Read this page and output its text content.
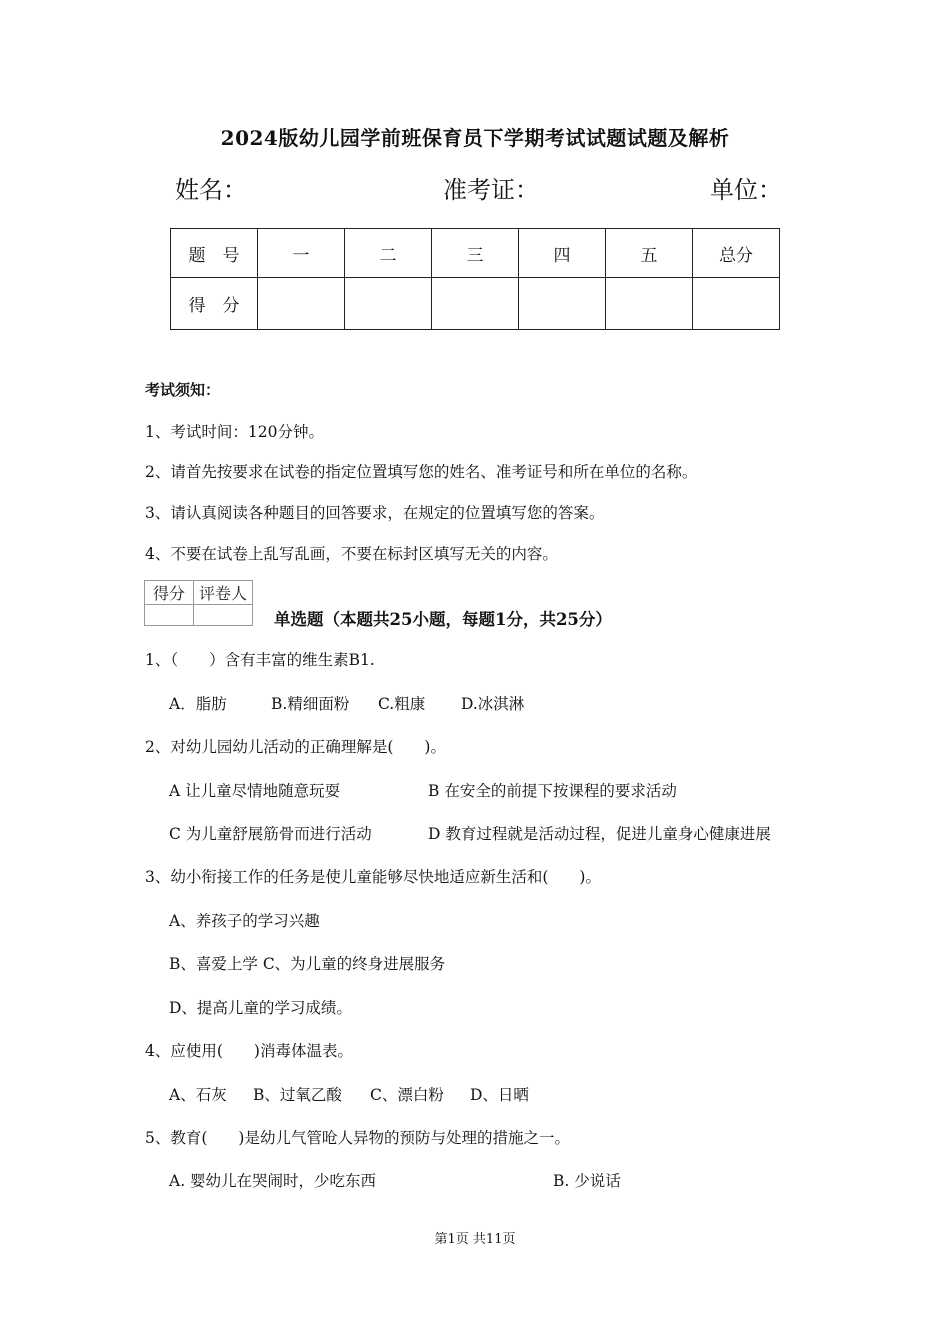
2024版幼儿园学前班保育员下学期考试试题试题及解析
姓名：	准考证：	单位：
题　号	一	二	三	四	五	总分
得　分						
考试须知：
1、考试时间：120分钟。
2、请首先按要求在试卷的指定位置填写您的姓名、准考证号和所在单位的名称。
3、请认真阅读各种题目的回答要求，在规定的位置填写您的答案。
4、不要在试卷上乱写乱画，不要在标封区填写无关的内容。
得分	评卷人

单选题（本题共25小题，每题1分，共25分）
1、（　　）含有丰富的维生素B1.
A．脂肪	B.精细面粉 C.粗康 D.冰淇淋
2、对幼儿园幼儿活动的正确理解是(　　)。
A 让儿童尽情地随意玩耍	B 在安全的前提下按课程的要求活动
C 为儿童舒展筋骨而进行活动	D 教育过程就是活动过程，促进儿童身心健康进展
3、幼小衔接工作的任务是使儿童能够尽快地适应新生活和(　　)。
A、养孩子的学习兴趣
B、喜爱上学 C、为儿童的终身进展服务
D、提高儿童的学习成绩。
4、应使用(　　)消毒体温表。
A、石灰 B、过氧乙酸 C、漂白粉 D、日晒
5、教育(　　)是幼儿气管呛人异物的预防与处理的措施之一。
A. 婴幼儿在哭闹时，少吃东西	B. 少说话
第1页 共11页
